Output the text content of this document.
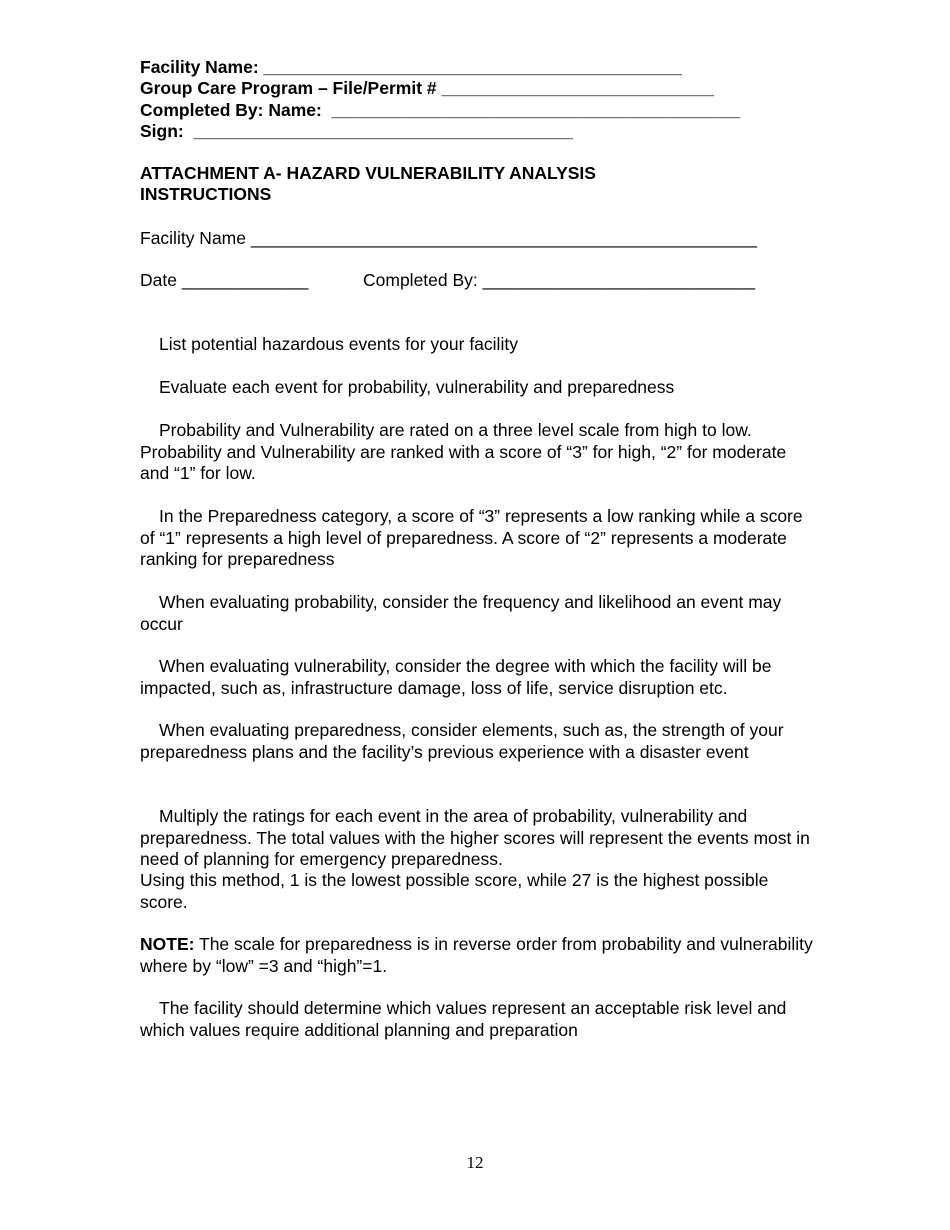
Facility Name: ___________________________________________
Group Care Program – File/Permit # ____________________________
Completed By: Name:  __________________________________________
Sign:  _______________________________________
ATTACHMENT A- HAZARD VULNERABILITY ANALYSIS
INSTRUCTIONS
Facility Name ____________________________________________________
Date _____________	Completed By: ____________________________
List potential hazardous events for your facility
Evaluate each event for probability, vulnerability and preparedness
Probability and Vulnerability are rated on a three level scale from high to low. Probability and Vulnerability are ranked with a score of “3” for high, “2” for moderate and “1” for low.
In the Preparedness category, a score of “3” represents a low ranking while a score of “1” represents a high level of preparedness. A score of “2” represents a moderate ranking for preparedness
When evaluating probability, consider the frequency and likelihood an event may occur
When evaluating vulnerability, consider the degree with which the facility will be impacted, such as, infrastructure damage, loss of life, service disruption etc.
When evaluating preparedness, consider elements, such as, the strength of your preparedness plans and the facility’s previous experience with a disaster event
Multiply the ratings for each event in the area of probability, vulnerability and preparedness. The total values with the higher scores will represent the events most in need of planning for emergency preparedness.
Using this method, 1 is the lowest possible score, while 27 is the highest possible score.
NOTE: The scale for preparedness is in reverse order from probability and vulnerability where by “low” =3 and “high”=1.
The facility should determine which values represent an acceptable risk level and which values require additional planning and preparation
12
